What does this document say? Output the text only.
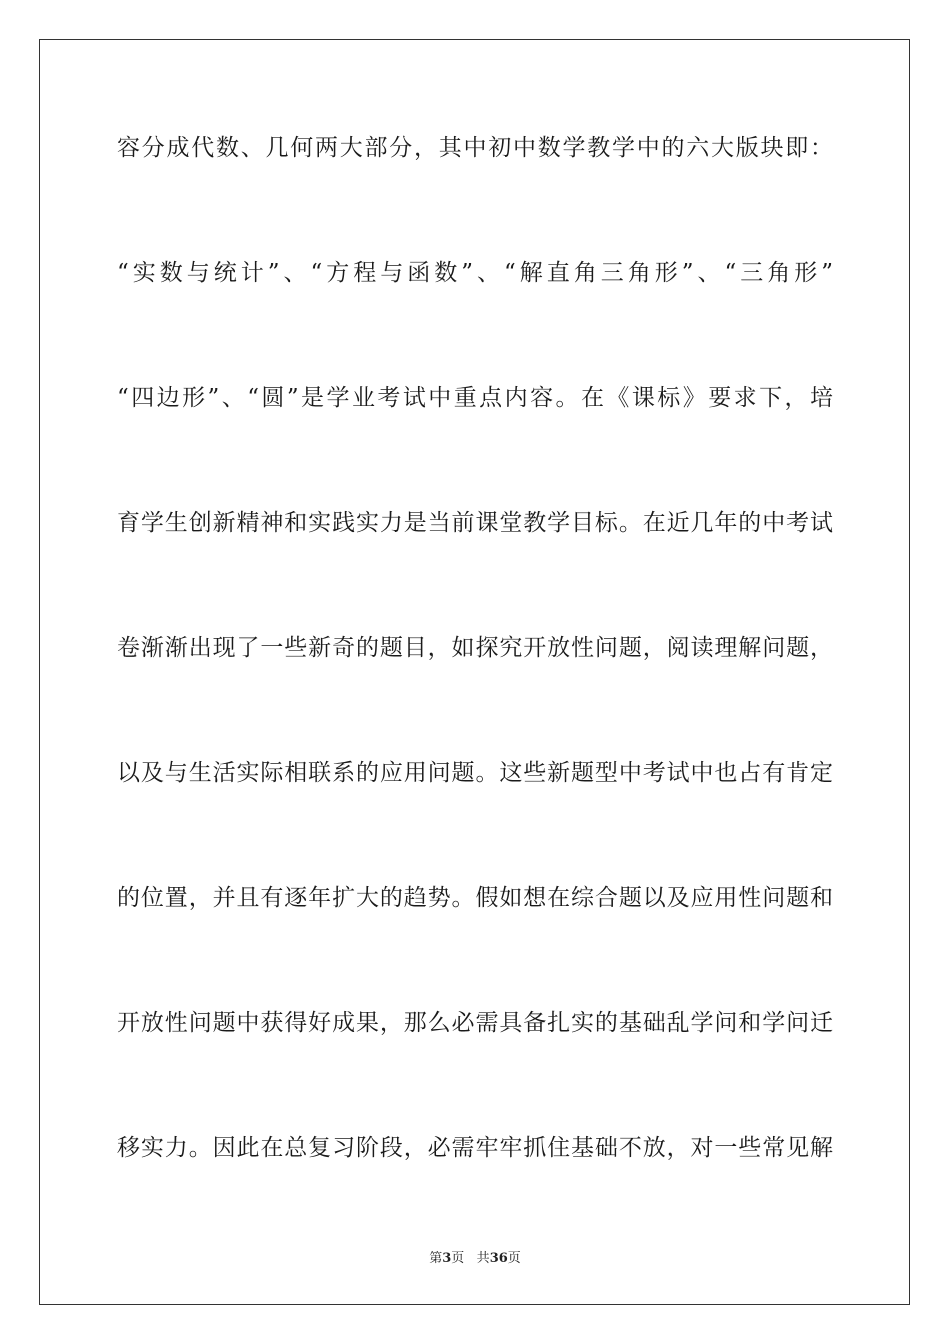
容分成代数、几何两大部分，其中初中数学教学中的六大版块即：
“实数与统计”、“方程与函数”、“解直角三角形”、“三角形”
“四边形”、“圆”是学业考试中重点内容。在《课标》要求下，培
育学生创新精神和实践实力是当前课堂教学目标。在近几年的中考试
卷渐渐出现了一些新奇的题目，如探究开放性问题，阅读理解问题，
以及与生活实际相联系的应用问题。这些新题型中考试中也占有肯定
的位置，并且有逐年扩大的趋势。假如想在综合题以及应用性问题和
开放性问题中获得好成果，那么必需具备扎实的基础乱学问和学问迁
移实力。因此在总复习阶段，必需牢牢抓住基础不放，对一些常见解
第3页 共36页
